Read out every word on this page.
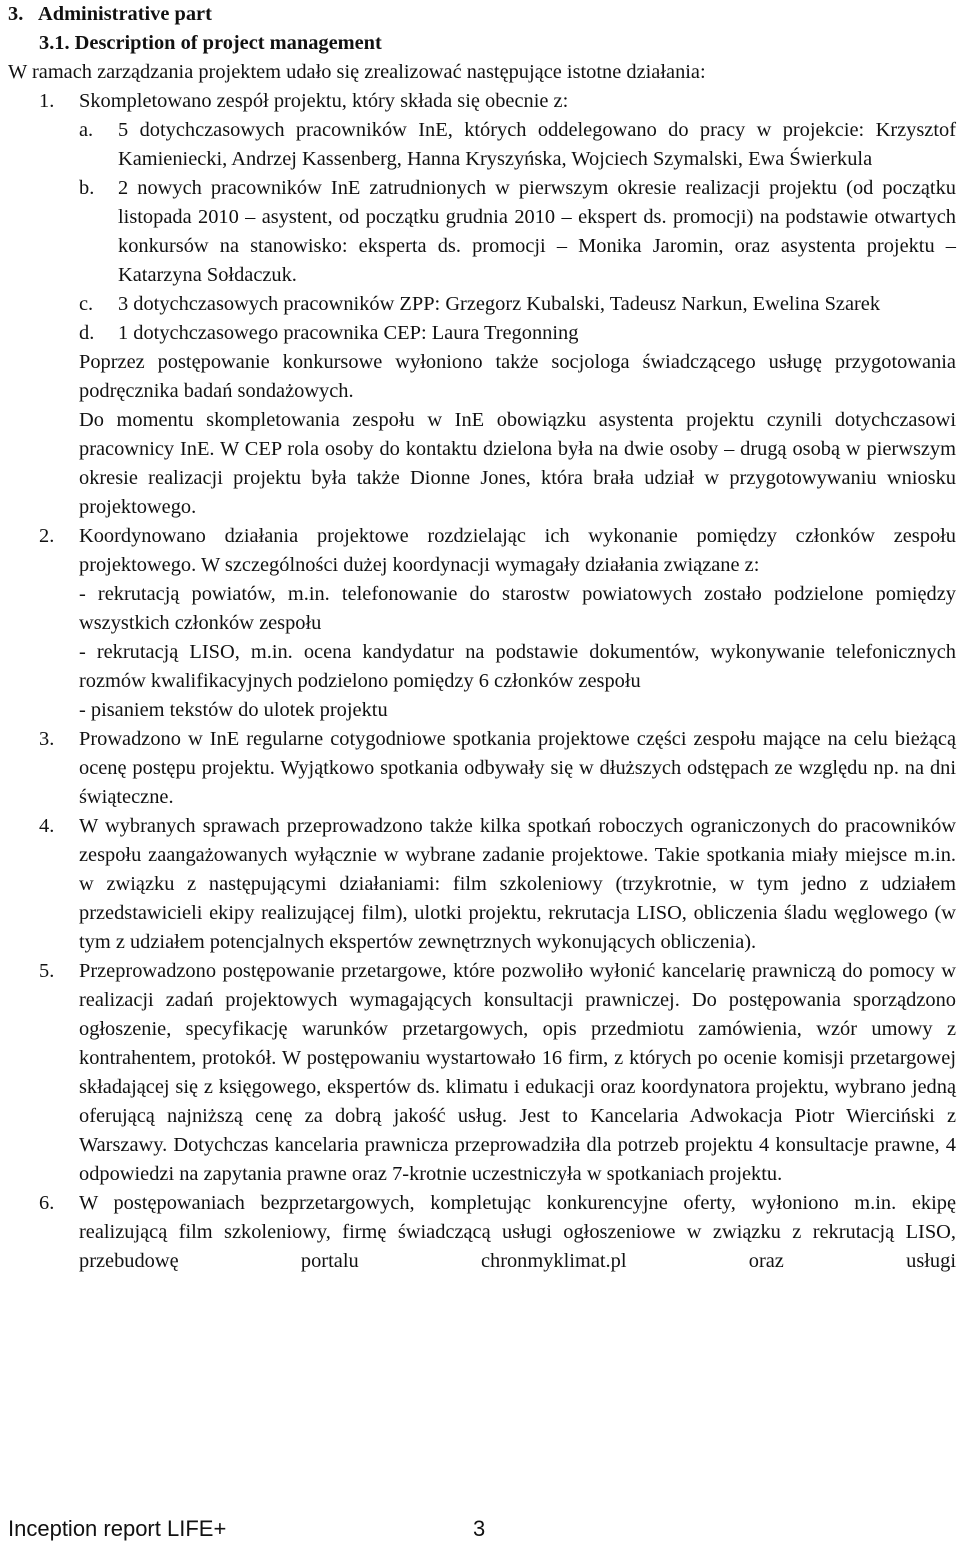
3. Administrative part
3.1. Description of project management

W ramach zarządzania projektem udało się zrealizować następujące istotne działania:

1.	Skompletowano zespół projektu, który składa się obecnie z:
a.	5 dotychczasowych pracowników InE, których oddelegowano do pracy w projekcie: Krzysztof Kamieniecki, Andrzej Kassenberg, Hanna Kryszyńska, Wojciech Szymalski, Ewa Świerkula
b.	2 nowych pracowników InE zatrudnionych w pierwszym okresie realizacji projektu (od początku listopada 2010 – asystent, od początku grudnia 2010 – ekspert ds. promocji) na podstawie otwartych konkursów na stanowisko: eksperta ds. promocji – Monika Jaromin, oraz asystenta projektu – Katarzyna Sołdaczuk.
c.	3 dotychczasowych pracowników ZPP: Grzegorz Kubalski, Tadeusz Narkun, Ewelina Szarek
d.	1 dotychczasowego pracownika CEP: Laura Tregonning

Poprzez postępowanie konkursowe wyłoniono także socjologa świadczącego usługę przygotowania podręcznika badań sondażowych.

Do momentu skompletowania zespołu w InE obowiązku asystenta projektu czynili dotychczasowi pracownicy InE. W CEP rola osoby do kontaktu dzielona była na dwie osoby – drugą osobą w pierwszym okresie realizacji projektu była także Dionne Jones, która brała udział w przygotowywaniu wniosku projektowego.

2.	Koordynowano działania projektowe rozdzielając ich wykonanie pomiędzy członków zespołu projektowego. W szczególności dużej koordynacji wymagały działania związane z:

- rekrutacją powiatów, m.in. telefonowanie do starostw powiatowych zostało podzielone pomiędzy wszystkich członków zespołu

- rekrutacją LISO, m.in. ocena kandydatur na podstawie dokumentów, wykonywanie telefonicznych rozmów kwalifikacyjnych podzielono pomiędzy 6 członków zespołu

- pisaniem tekstów do ulotek projektu

3.	Prowadzono w InE regularne cotygodniowe spotkania projektowe części zespołu mające na celu bieżącą ocenę postępu projektu. Wyjątkowo spotkania odbywały się w dłuższych odstępach ze względu np. na dni świąteczne.
4.	W wybranych sprawach przeprowadzono także kilka spotkań roboczych ograniczonych do pracowników zespołu zaangażowanych wyłącznie w wybrane zadanie projektowe. Takie spotkania miały miejsce m.in. w związku z następującymi działaniami: film szkoleniowy (trzykrotnie, w tym jedno z udziałem przedstawicieli ekipy realizującej film), ulotki projektu, rekrutacja LISO, obliczenia śladu węglowego (w tym z udziałem potencjalnych ekspertów zewnętrznych wykonujących obliczenia).
5.	Przeprowadzono postępowanie przetargowe, które pozwoliło wyłonić kancelarię prawniczą do pomocy w realizacji zadań projektowych wymagających konsultacji prawniczej. Do postępowania sporządzono ogłoszenie, specyfikację warunków przetargowych, opis przedmiotu zamówienia, wzór umowy z kontrahentem, protokół. W postępowaniu wystartowało 16 firm, z których po ocenie komisji przetargowej składającej się z księgowego, ekspertów ds. klimatu i edukacji oraz koordynatora projektu, wybrano jedną oferującą najniższą cenę za dobrą jakość usług. Jest to Kancelaria Adwokacja Piotr Wierciński z Warszawy. Dotychczas kancelaria prawnicza przeprowadziła dla potrzeb projektu 4 konsultacje prawne, 4 odpowiedzi na zapytania prawne oraz 7-krotnie uczestniczyła w spotkaniach projektu.
6.	W postępowaniach bezprzetargowych, kompletując konkurencyjne oferty, wyłoniono m.in. ekipę realizującą film szkoleniowy, firmę świadczącą usługi ogłoszeniowe w związku z rekrutacją LISO, przebudowę portalu chronmyklimat.pl oraz usługi
Inception report LIFE+	3
